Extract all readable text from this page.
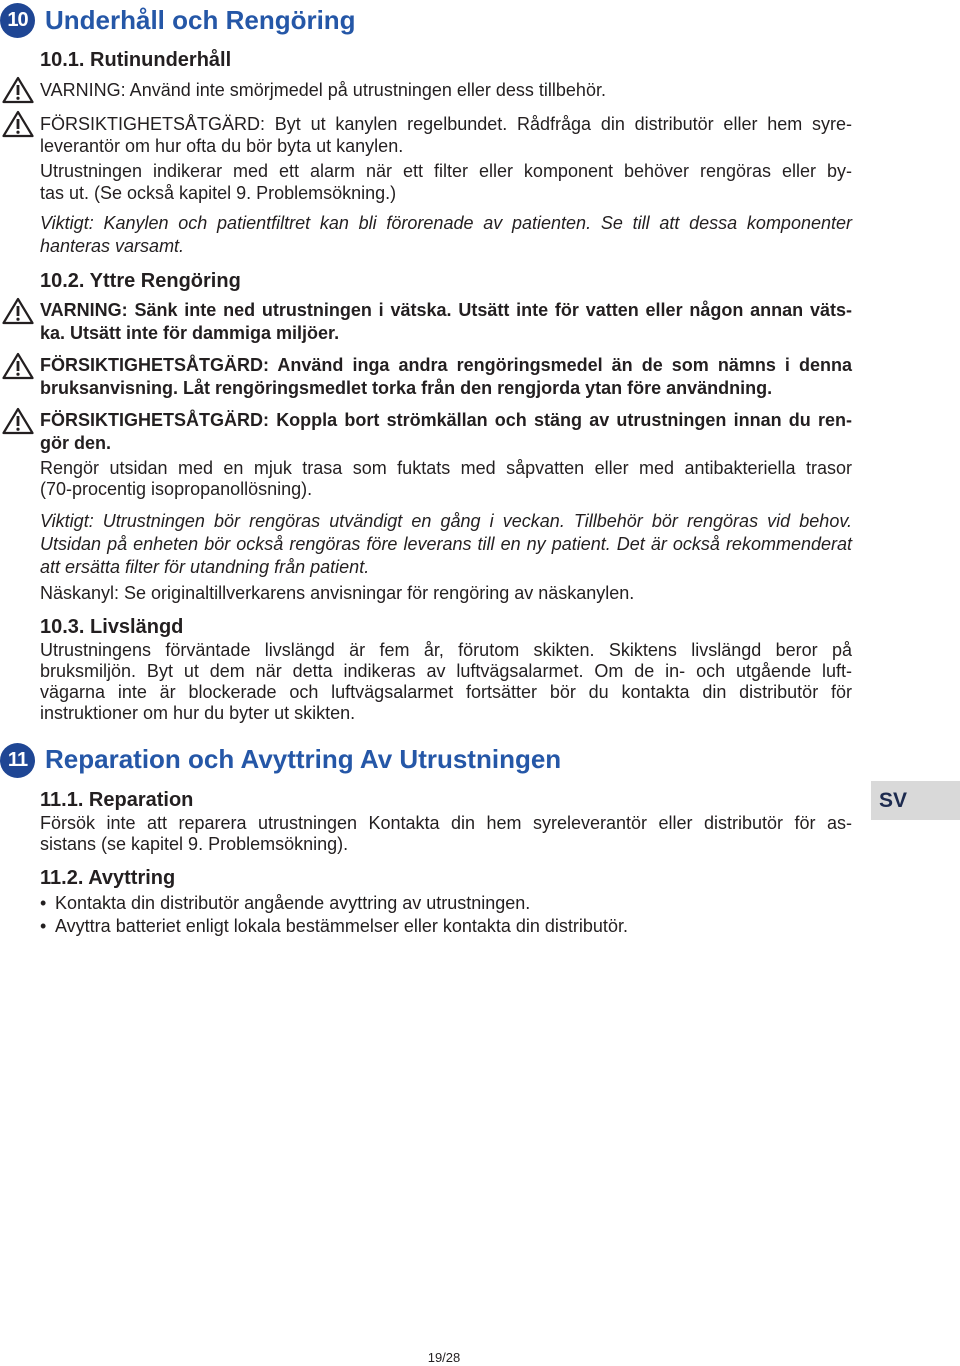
10 Underhåll och Rengöring
10.1. Rutinunderhåll
VARNING: Använd inte smörjmedel på utrustningen eller dess tillbehör.
FÖRSIKTIGHETSÅTGÄRD: Byt ut kanylen regelbundet. Rådfråga din distributör eller hem syre-
leverantör om hur ofta du bör byta ut kanylen.
Utrustningen indikerar med ett alarm när ett filter eller komponent behöver rengöras eller by-
tas ut. (Se också kapitel 9. Problemsökning.)
Viktigt: Kanylen och patientfiltret kan bli förorenade av patienten. Se till att dessa komponenter
hanteras varsamt.
10.2. Yttre Rengöring
VARNING: Sänk inte ned utrustningen i vätska. Utsätt inte för vatten eller någon annan väts-
ka. Utsätt inte för dammiga miljöer.
FÖRSIKTIGHETSÅTGÄRD: Använd inga andra rengöringsmedel än de som nämns i denna
bruksanvisning. Låt rengöringsmedlet torka från den rengjorda ytan före användning.
FÖRSIKTIGHETSÅTGÄRD: Koppla bort strömkällan och stäng av utrustningen innan du ren-
gör den.
Rengör utsidan med en mjuk trasa som fuktats med såpvatten eller med antibakteriella trasor
(70-procentig isopropanollösning).
Viktigt: Utrustningen bör rengöras utvändigt en gång i veckan. Tillbehör bör rengöras vid behov.
Utsidan på enheten bör också rengöras före leverans till en ny patient. Det är också rekommenderat
att ersätta filter för utandning från patient.
Näskanyl: Se originaltillverkarens anvisningar för rengöring av näskanylen.
10.3. Livslängd
Utrustningens förväntade livslängd är fem år, förutom skikten. Skiktens livslängd beror på
bruksmiljön. Byt ut dem när detta indikeras av luftvägsalarmet. Om de in- och utgående luft-
vägarna inte är blockerade och luftvägsalarmet fortsätter bör du kontakta din distributör för
instruktioner om hur du byter ut skikten.
11 Reparation och Avyttring Av Utrustningen
11.1. Reparation
Försök inte att reparera utrustningen Kontakta din hem syreleverantör eller distributör för as-
sistans (se kapitel 9. Problemsökning).
11.2. Avyttring
• Kontakta din distributör angående avyttring av utrustningen.
• Avyttra batteriet enligt lokala bestämmelser eller kontakta din distributör.
SV
19/28
